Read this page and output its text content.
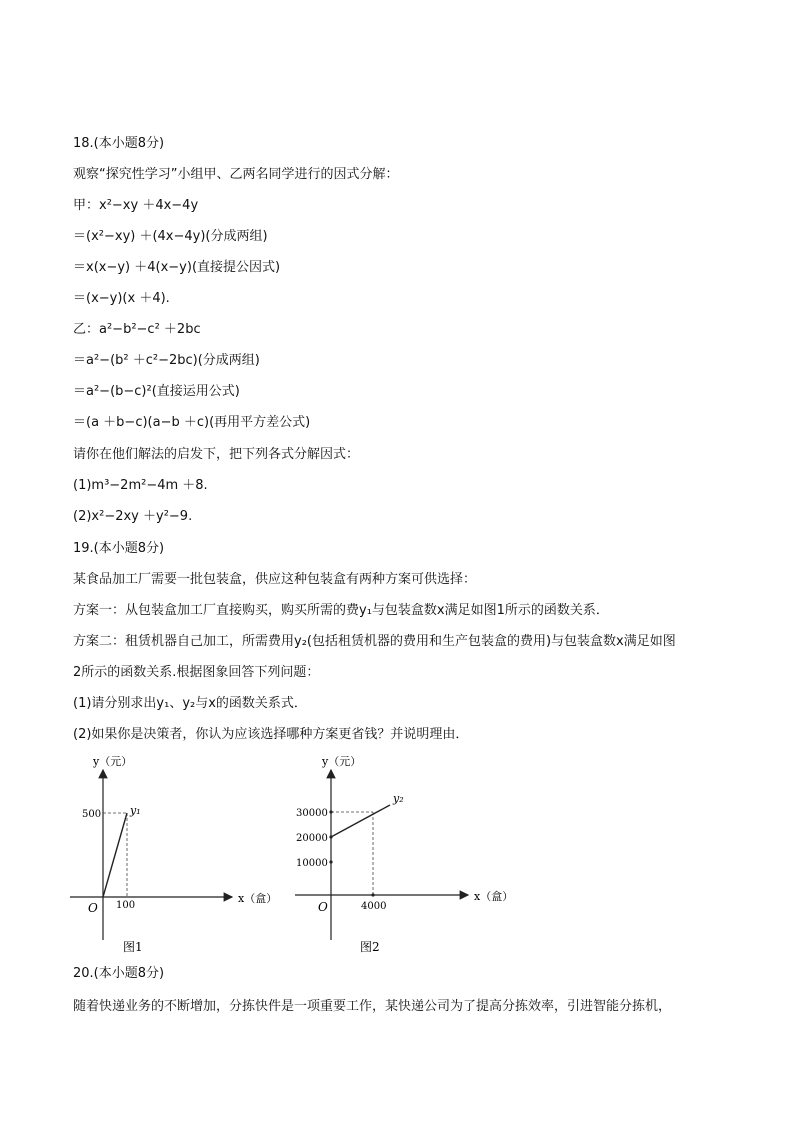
18.(本小题8分)
观察“探究性学习”小组甲、乙两名同学进行的因式分解：
甲：x²−xy ＋4x−4y
＝(x²−xy) ＋(4x−4y)(分成两组)
＝x(x−y) ＋4(x−y)(直接提公因式)
＝(x−y)(x ＋4).
乙：a²−b²−c² ＋2bc
＝a²−(b² ＋c²−2bc)(分成两组)
＝a²−(b−c)²(直接运用公式)
＝(a ＋b−c)(a−b ＋c)(再用平方差公式)
请你在他们解法的启发下，把下列各式分解因式：
(1)m³−2m²−4m ＋8.
(2)x²−2xy ＋y²−9.
19.(本小题8分)
某食品加工厂需要一批包装盒，供应这种包装盒有两种方案可供选择：
方案一：从包装盒加工厂直接购买，购买所需的费y₁与包装盒数x满足如图1所示的函数关系．
方案二：租赁机器自己加工，所需费用y₂(包括租赁机器的费用和生产包装盒的费用)与包装盒数x满足如图
2所示的函数关系.根据图象回答下列问题：
(1)请分别求出y₁、y₂与x的函数关系式．
(2)如果你是决策者，你认为应该选择哪种方案更省钱？并说明理由．
y（元）
x（盒）
O
500
100
y₁
图1
y（元）
x（盒）
O
30000
20000
10000
4000
y₂
图2
20.(本小题8分)
随着快递业务的不断增加，分拣快件是一项重要工作，某快递公司为了提高分拣效率，引进智能分拣机，
